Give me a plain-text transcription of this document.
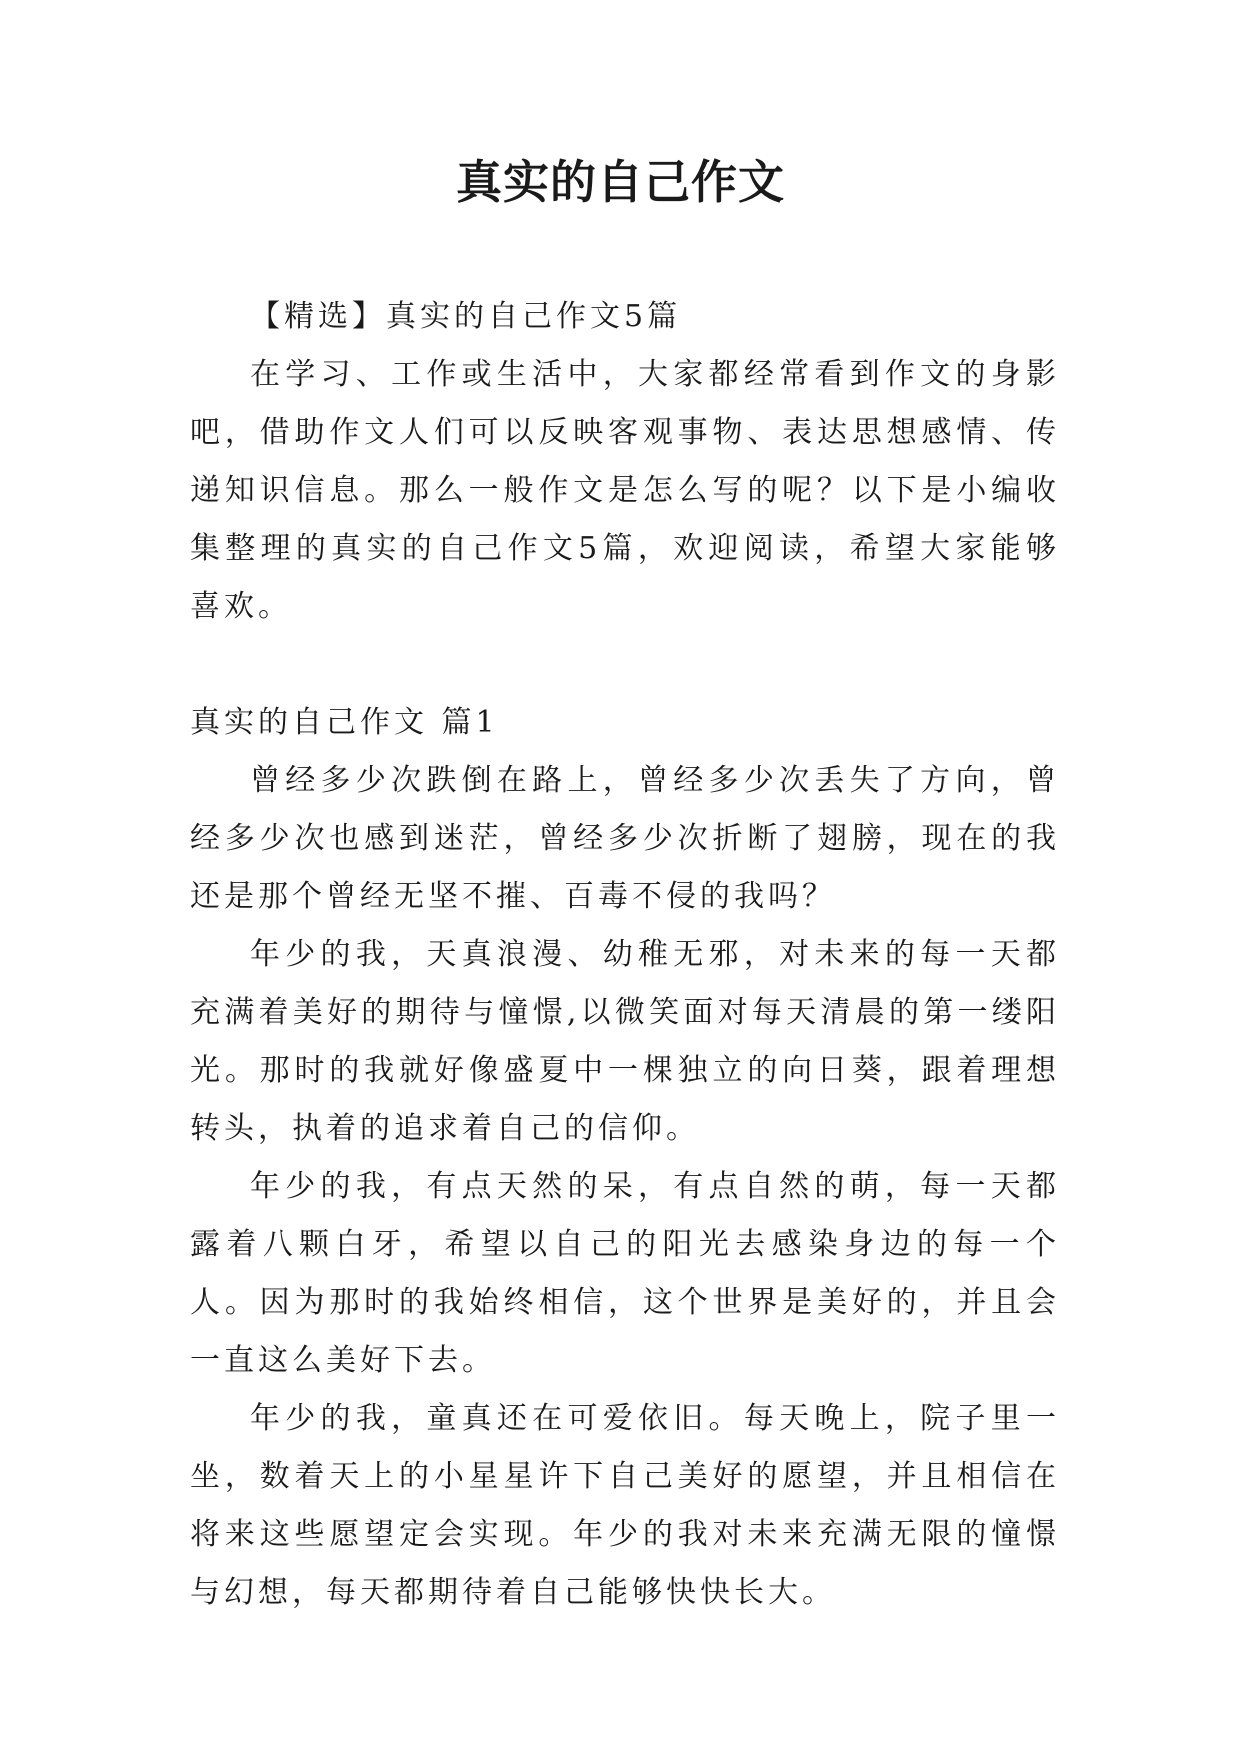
真实的自己作文

【精选】真实的自己作文5篇

在学习、工作或生活中，大家都经常看到作文的身影吧，借助作文人们可以反映客观事物、表达思想感情、传递知识信息。那么一般作文是怎么写的呢？以下是小编收集整理的真实的自己作文5篇，欢迎阅读，希望大家能够喜欢。

真实的自己作文 篇1

曾经多少次跌倒在路上，曾经多少次丢失了方向，曾经多少次也感到迷茫，曾经多少次折断了翅膀，现在的我还是那个曾经无坚不摧、百毒不侵的我吗？

年少的我，天真浪漫、幼稚无邪，对未来的每一天都充满着美好的期待与憧憬,以微笑面对每天清晨的第一缕阳光。那时的我就好像盛夏中一棵独立的向日葵，跟着理想转头，执着的追求着自己的信仰。

年少的我，有点天然的呆，有点自然的萌，每一天都露着八颗白牙，希望以自己的阳光去感染身边的每一个人。因为那时的我始终相信，这个世界是美好的，并且会一直这么美好下去。

年少的我，童真还在可爱依旧。每天晚上，院子里一坐，数着天上的小星星许下自己美好的愿望，并且相信在将来这些愿望定会实现。年少的我对未来充满无限的憧憬与幻想，每天都期待着自己能够快快长大。
